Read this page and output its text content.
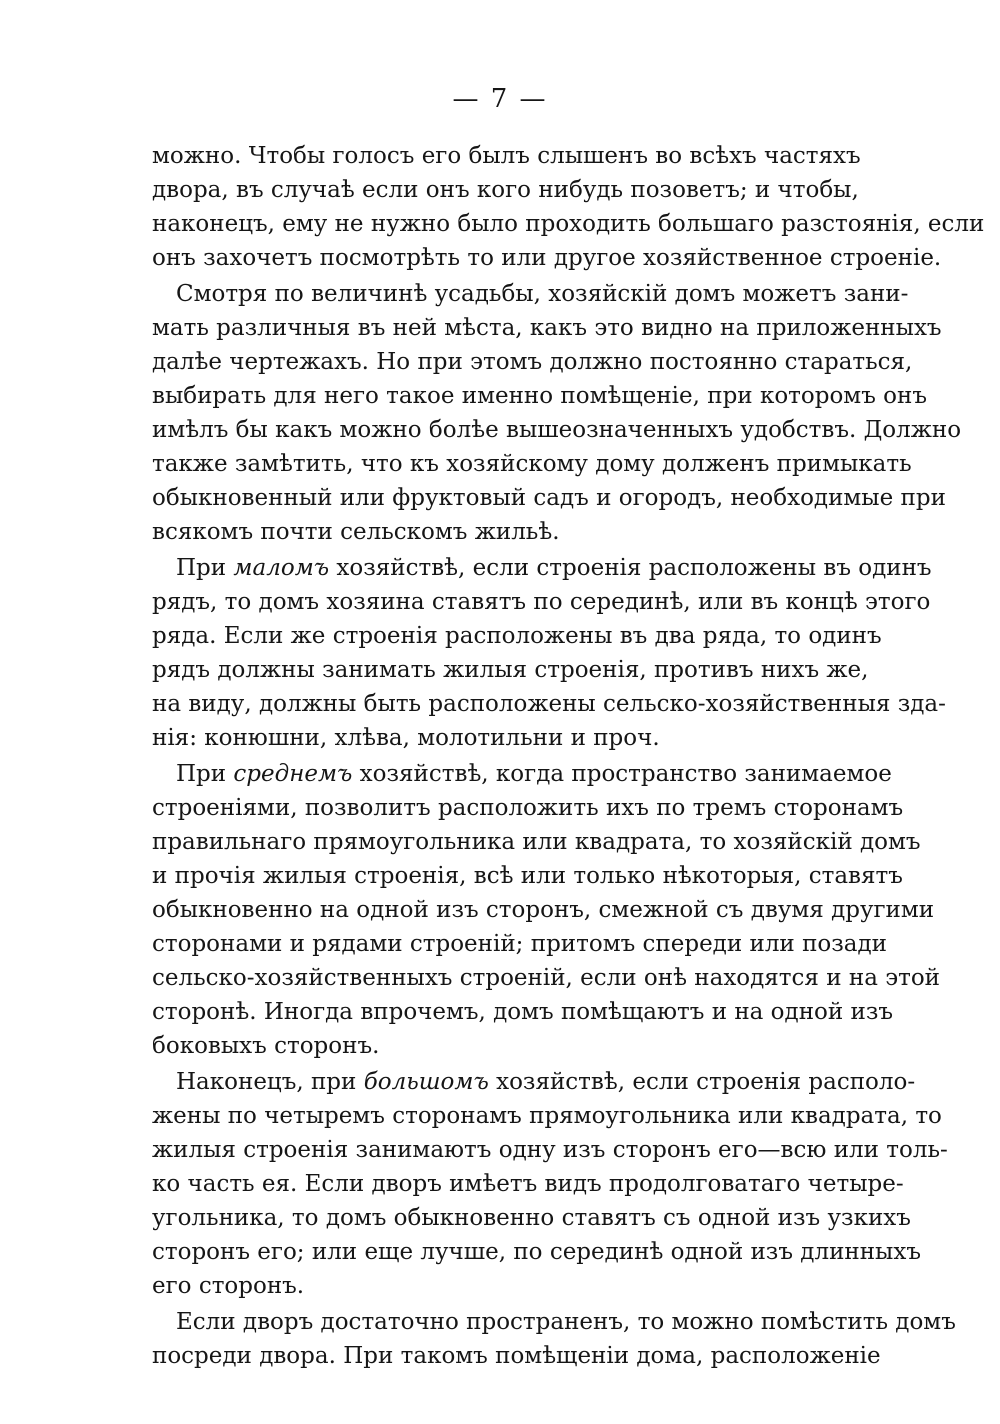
— 7 —
можно. Чтобы голосъ его былъ слышенъ во всѣхъ частяхъ
двора, въ случаѣ если онъ кого нибудь позоветъ; и чтобы,
наконецъ, ему не нужно было проходить большаго разстоянія, если
онъ захочетъ посмотрѣть то или другое хозяйственное строеніе.
Смотря по величинѣ усадьбы, хозяйскій домъ можетъ зани-
мать различныя въ ней мѣста, какъ это видно на приложенныхъ
далѣе чертежахъ. Но при этомъ должно постоянно стараться,
выбирать для него такое именно помѣщеніе, при которомъ онъ
имѣлъ бы какъ можно болѣе вышеозначенныхъ удобствъ. Должно
также замѣтить, что къ хозяйскому дому долженъ примыкать
обыкновенный или фруктовый садъ и огородъ, необходимые при
всякомъ почти сельскомъ жильѣ.
При маломъ хозяйствѣ, если строенія расположены въ одинъ
рядъ, то домъ хозяина ставятъ по серединѣ, или въ концѣ этого
ряда. Если же строенія расположены въ два ряда, то одинъ
рядъ должны занимать жилыя строенія, противъ нихъ же,
на виду, должны быть расположены сельско-хозяйственныя зда-
нія: конюшни, хлѣва, молотильни и проч.
При среднемъ хозяйствѣ, когда пространство занимаемое
строеніями, позволитъ расположить ихъ по тремъ сторонамъ
правильнаго прямоугольника или квадрата, то хозяйскій домъ
и прочія жилыя строенія, всѣ или только нѣкоторыя, ставятъ
обыкновенно на одной изъ сторонъ, смежной съ двумя другими
сторонами и рядами строеній; притомъ спереди или позади
сельско-хозяйственныхъ строеній, если онѣ находятся и на этой
сторонѣ. Иногда впрочемъ, домъ помѣщаютъ и на одной изъ
боковыхъ сторонъ.
Наконецъ, при большомъ хозяйствѣ, если строенія располо-
жены по четыремъ сторонамъ прямоугольника или квадрата, то
жилыя строенія занимаютъ одну изъ сторонъ его—всю или толь-
ко часть ея. Если дворъ имѣетъ видъ продолговатаго четыре-
угольника, то домъ обыкновенно ставятъ съ одной изъ узкихъ
сторонъ его; или еще лучше, по серединѣ одной изъ длинныхъ
его сторонъ.
Если дворъ достаточно пространенъ, то можно помѣстить домъ
посреди двора. При такомъ помѣщеніи дома, расположеніе
